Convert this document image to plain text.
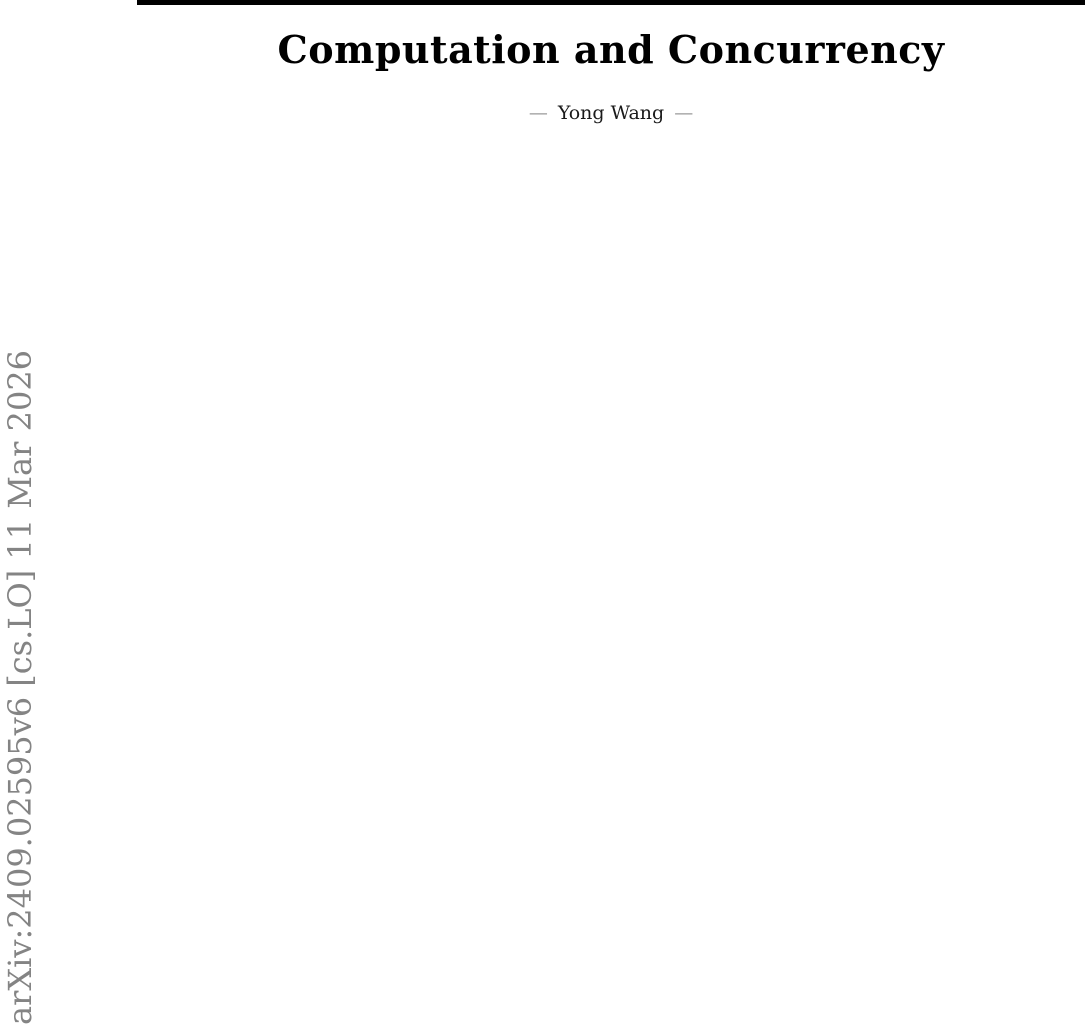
Computation and Concurrency
— Yong Wang —
arXiv:2409.02595v6 [cs.LO] 11 Mar 2026
